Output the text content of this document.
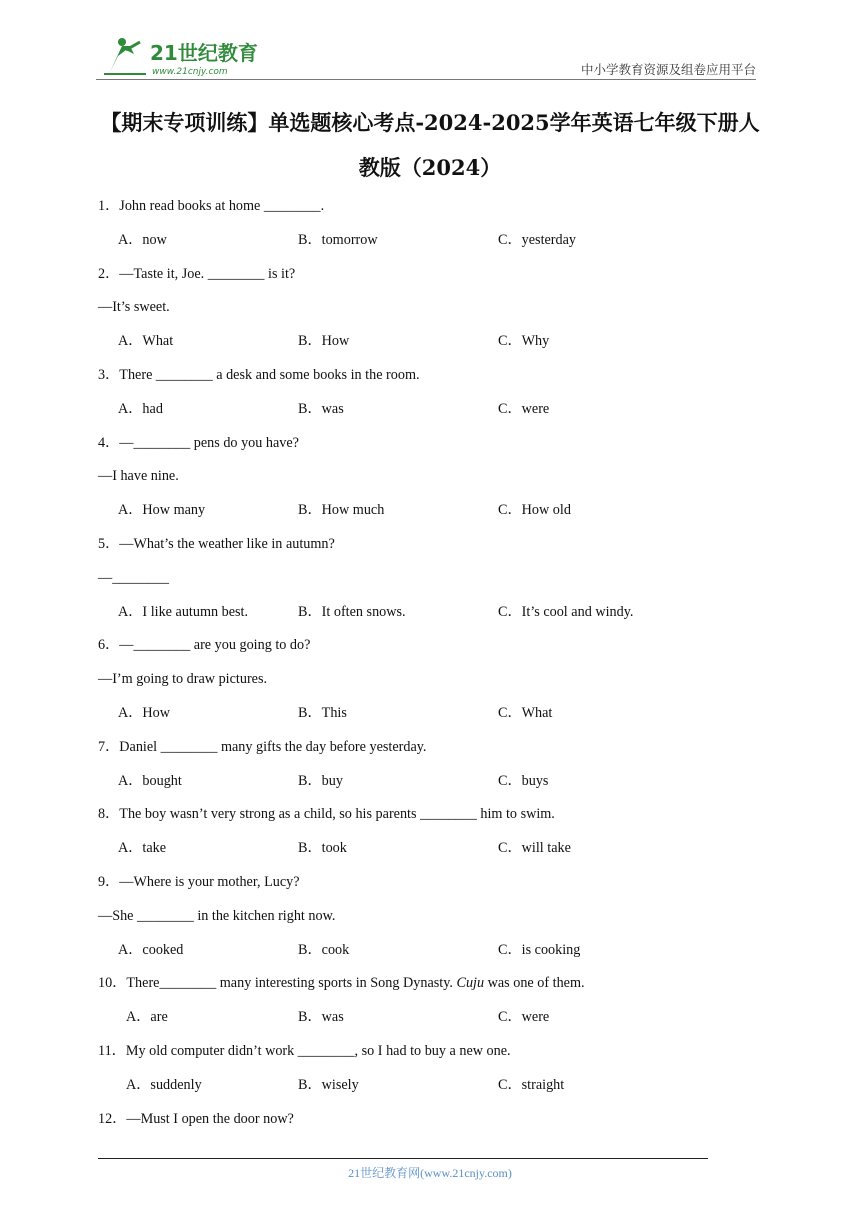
21世纪教育
www.21cnjy.com	中小学教育资源及组卷应用平台
【期末专项训练】单选题核心考点-2024-2025学年英语七年级下册人
教版（2024）
1．John read books at home ________.
A．now	B．tomorrow	C．yesterday
2．—Taste it, Joe. ________ is it?
—It’s sweet.
A．What	B．How	C．Why
3．There ________ a desk and some books in the room.
A．had	B．was	C．were
4．—________ pens do you have?
—I have nine.
A．How many	B．How much	C．How old
5．—What’s the weather like in autumn?
—________
A．I like autumn best.	B．It often snows.	C．It’s cool and windy.
6．—________ are you going to do?
—I’m going to draw pictures.
A．How	B．This	C．What
7．Daniel ________ many gifts the day before yesterday.
A．bought	B．buy	C．buys
8．The boy wasn’t very strong as a child, so his parents ________ him to swim.
A．take	B．took	C．will take
9．—Where is your mother, Lucy?
—She ________ in the kitchen right now.
A．cooked	B．cook	C．is cooking
10．There________ many interesting sports in Song Dynasty. Cuju was one of them.
A．are	B．was	C．were
11．My old computer didn’t work ________, so I had to buy a new one.
A．suddenly	B．wisely	C．straight
12．—Must I open the door now?
21世纪教育网(www.21cnjy.com)
